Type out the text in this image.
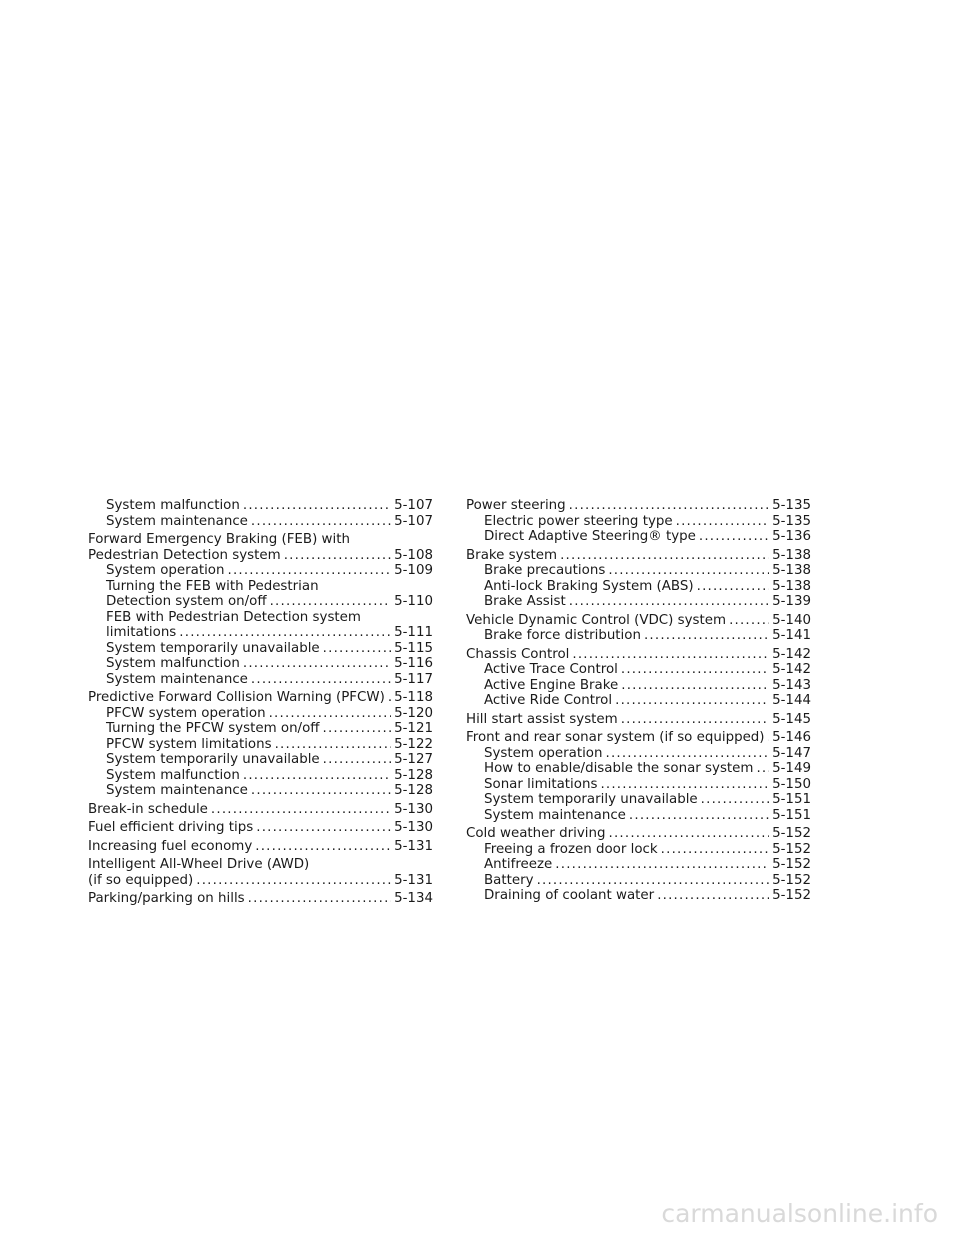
System malfunction .....	5-107
System maintenance .....	5-107
Forward Emergency Braking (FEB) with
Pedestrian Detection system .....	5-108
System operation .....	5-109
Turning the FEB with Pedestrian
Detection system on/off .....	5-110
FEB with Pedestrian Detection system
limitations .....	5-111
System temporarily unavailable .....	5-115
System malfunction .....	5-116
System maintenance .....	5-117
Predictive Forward Collision Warning (PFCW) ..... 5-118
PFCW system operation .....	5-120
Turning the PFCW system on/off .....	5-121
PFCW system limitations .....	5-122
System temporarily unavailable .....	5-127
System malfunction .....	5-128
System maintenance .....	5-128
Break-in schedule .....	5-130
Fuel efficient driving tips .....	5-130
Increasing fuel economy .....	5-131
Intelligent All-Wheel Drive (AWD)
(if so equipped) .....	5-131
Parking/parking on hills .....	5-134
Power steering .....	5-135
Electric power steering type .....	5-135
Direct Adaptive Steering® type .....	5-136
Brake system .....	5-138
Brake precautions .....	5-138
Anti-lock Braking System (ABS) .....	5-138
Brake Assist .....	5-139
Vehicle Dynamic Control (VDC) system .....	5-140
Brake force distribution .....	5-141
Chassis Control .....	5-142
Active Trace Control .....	5-142
Active Engine Brake .....	5-143
Active Ride Control .....	5-144
Hill start assist system .....	5-145
Front and rear sonar system (if so equipped) ..... 5-146
System operation .....	5-147
How to enable/disable the sonar system ..... 5-149
Sonar limitations .....	5-150
System temporarily unavailable .....	5-151
System maintenance .....	5-151
Cold weather driving .....	5-152
Freeing a frozen door lock .....	5-152
Antifreeze .....	5-152
Battery .....	5-152
Draining of coolant water .....	5-152
carmanualsonline.info
